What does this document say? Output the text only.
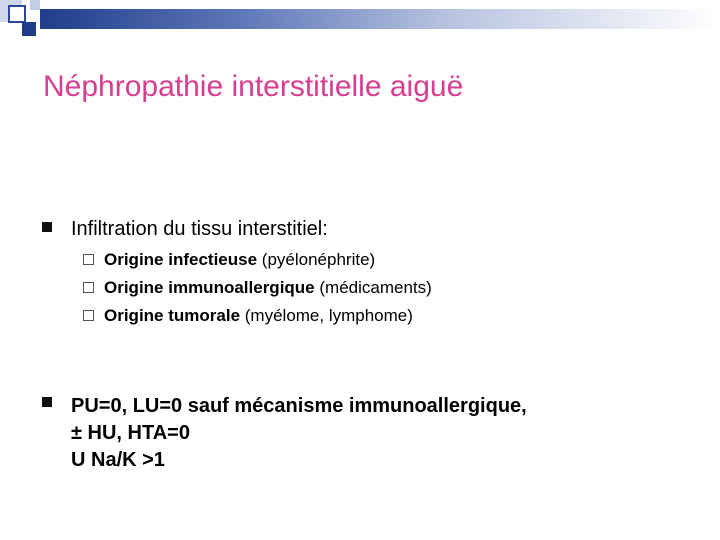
Néphropathie interstitielle aiguë
Infiltration du tissu interstitiel:
Origine infectieuse (pyélonéphrite)
Origine immunoallergique (médicaments)
Origine tumorale (myélome, lymphome)
PU=0, LU=0 sauf mécanisme immunoallergique,
± HU, HTA=0
U Na/K >1
